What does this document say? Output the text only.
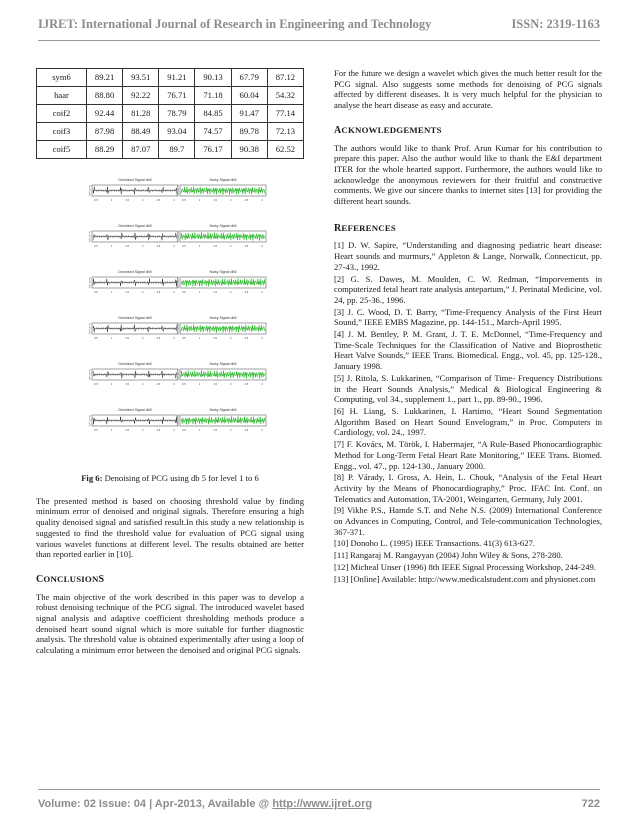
IJRET: International Journal of Research in Engineering and Technology	ISSN: 2319-1163
sym6	89.21	93.51	91.21	90.13	67.79	87.12
haar	88.80	92.22	76.71	71.18	60.04	54.32
coif2	92.44	81.28	78.79	84.85	91.47	77.14
coif3	87.98	88.49	93.04	74.57	89.78	72.13
coif5	88.29	87.07	89.7	76.17	90.38	62.52
Denoised Signal db5
2
1
0
-1
-2
0.5	1	1.5	2	2.5	3
Noisy Signal db5
2
1
0
-1
-2
0.5	1	1.5	2	2.5	3
Denoised Signal db5
2
1
0
-1
-2
0.5	1	1.5	2	2.5	3
Noisy Signal db5
2
1
0
-1
-2
0.5	1	1.5	2	2.5	3
Denoised Signal db5
2
1
0
-1
-2
0.5	1	1.5	2	2.5	3
Noisy Signal db5
2
1
0
-1
-2
0.5	1	1.5	2	2.5	3
Denoised Signal db5
2
1
0
-1
-2
0.5	1	1.5	2	2.5	3
Noisy Signal db5
2
1
0
-1
-2
0.5	1	1.5	2	2.5	3
Denoised Signal db5
2
1
0
-1
-2
0.5	1	1.5	2	2.5	3
Noisy Signal db5
2
1
0
-1
-2
0.5	1	1.5	2	2.5	3
Denoised Signal db5
2
1
0
-1
-2
0.5	1	1.5	2	2.5	3
Noisy Signal db5
2
1
0
-1
-2
0.5	1	1.5	2	2.5	3
Fig 6: Denoising of PCG using db 5 for level 1 to 6

The presented method is based on choosing threshold value by finding minimum error of denoised and original signals. Therefore ensuring a high quality denoised signal and satisfied result.In this study a new relationship is suggested to find the threshold value for evaluation of PCG signal using various wavelet functions at different level. The results obtained are better than reported earlier in [10].

CONCLUSIONS

The main objective of the work described in this paper was to develop a robust denoising technique of the PCG signal. The introduced wavelet based signal analysis and adaptive coefficient thresholding methods produce a denoised heart sound signal which is more suitable for further diagnostic analysis. The threshold value is obtained experimentally after using a loop of calculating a minimum error between the denoised and original PCG signals.

For the future we design a wavelet which gives the much better result for the PCG signal. Also suggests some methods for denoising of PCG signals affected by different diseases. It is very much helpful for the physician to analyse the heart disease as easy and accurate.

ACKNOWLEDGEMENTS

The authors would like to thank Prof. Arun Kumar for his contribution to prepare this paper. Also the author would like to thank the E&I department ITER for the whole hearted support. Furthermore, the authors would like to acknowledge the anonymous reviewers for their fruitful and constructive comments. We give our sincere thanks to internet sites [13] for providing the different heart sounds.

REFERENCES

[1] D. W. Sapire, “Understanding and diagnosing pediatric heart disease: Heart sounds and murmurs,” Appleton & Lange, Norwalk, Connecticut, pp. 27-43., 1992.

[2] G. S. Dawes, M. Moulden, C. W. Redman, “Imporvements in computerized fetal heart rate analysis antepartum,” J. Perinatal Medicine, vol. 24, pp. 25-36., 1996.

[3] J. C. Wood, D. T. Barry, “Time-Frequency Analysis of the First Heart Sound,” IEEE EMBS Magazine, pp. 144-151., March-April 1995.

[4] J. M. Bentley, P. M. Grant, J. T. E. McDonnel, “Time-Frequency and Time-Scale Techniques for the Classification of Native and Bioprosthetic Heart Valve Sounds,” IEEE Trans. Biomedical. Engg., vol. 45, pp. 125-128., January 1998.

[5] J. Ritola, S. Lukkarinen, “Comparison of Time- Frequency Distributions in the Heart Sounds Analysis,” Medical & Biological Engineering & Computing, vol 34., supplement 1., part 1., pp. 89-90., 1996.

[6] H. Liang, S. Lukkarinen, I. Hartimo, “Heart Sound Segmentation Algorithm Based on Heart Sound Envelogram,” in Proc. Computers in Cardiology, vol. 24., 1997.

[7] F. Kovács, M. Török, I. Habermajer, “A Rule-Based Phonocardiographic Method for Long-Term Fetal Heart Rate Monitoring,” IEEE Trans. Biomed. Engg., vol. 47., pp. 124-130., January 2000.

[8] P. Várady, I. Gross, A. Hein, L. Chouk, “Analysis of the Fetal Heart Activity by the Means of Phonocardiography,” Proc. IFAC Int. Conf. on Telematics and Automation, TA-2001, Weingarten, Germany, July 2001.

[9] Vikhe P.S., Hamde S.T. and Nehe N.S. (2009) International Conference on Advances in Computing, Control, and Tele-communication Technologies, 367-371.

[10] Donoho L. (1995) IEEE Transactions. 41(3) 613-627.

[11] Rangaraj M. Rangayyan (2004) John Wiley & Sons, 278-280.

[12] Micheal Unser (1996) 8th IEEE Signal Processing Workshop, 244-249.

[13] [Online] Available: http://www.medicalstudent.com and physionet.com

Volume: 02 Issue: 04 | Apr-2013, Available @ http://www.ijret.org	722
